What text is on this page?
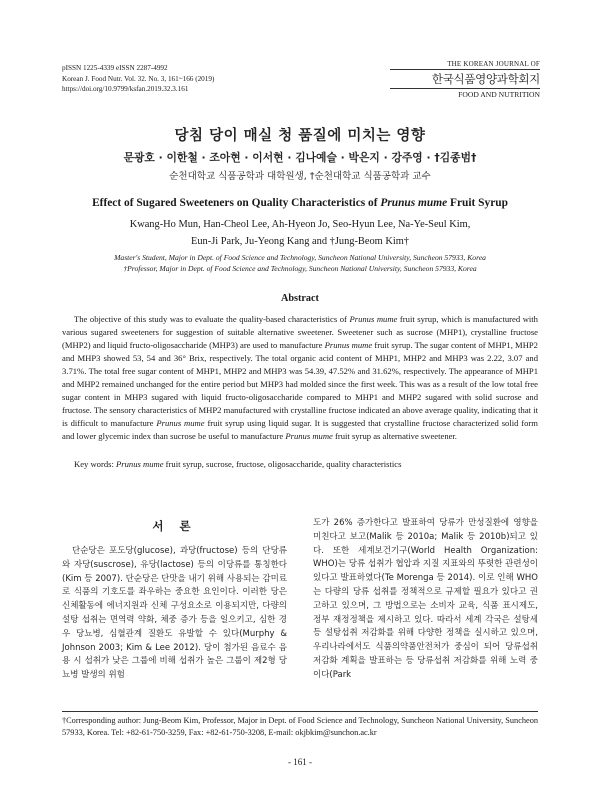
pISSN 1225-4339 eISSN 2287-4992
Korean J. Food Nutr. Vol. 32. No. 3, 161~166 (2019)
https://doi.org/10.9799/ksfan.2019.32.3.161
THE KOREAN JOURNAL OF
한국식품영양과학회지
FOOD AND NUTRITION
당침 당이 매실 청 품질에 미치는 영향
문광호 · 이한철 · 조아현 · 이서현 · 김나예슬 · 박은지 · 강주영 · †김종범†
순천대학교 식품공학과 대학원생, †순천대학교 식품공학과 교수
Effect of Sugared Sweeteners on Quality Characteristics of Prunus mume Fruit Syrup
Kwang-Ho Mun, Han-Cheol Lee, Ah-Hyeon Jo, Seo-Hyun Lee, Na-Ye-Seul Kim,
Eun-Ji Park, Ju-Yeong Kang and †Jung-Beom Kim†
Master's Student, Major in Dept. of Food Science and Technology, Suncheon National University, Suncheon 57933, Korea
†Professor, Major in Dept. of Food Science and Technology, Suncheon National University, Suncheon 57933, Korea
Abstract
The objective of this study was to evaluate the quality-based characteristics of Prunus mume fruit syrup, which is manufactured with various sugared sweeteners for suggestion of suitable alternative sweetener. Sweetener such as sucrose (MHP1), crystalline fructose (MHP2) and liquid fructo-oligosaccharide (MHP3) are used to manufacture Prunus mume fruit syrup. The sugar content of MHP1, MHP2 and MHP3 showed 53, 54 and 36° Brix, respectively. The total organic acid content of MHP1, MHP2 and MHP3 was 2.22, 3.07 and 3.71%. The total free sugar content of MHP1, MHP2 and MHP3 was 54.39, 47.52% and 31.62%, respectively. The appearance of MHP1 and MHP2 remained unchanged for the entire period but MHP3 had molded since the first week. This was as a result of the low total free sugar content in MHP3 sugared with liquid fructo-oligosaccharide compared to MHP1 and MHP2 sugared with solid sucrose and fructose. The sensory characteristics of MHP2 manufactured with crystalline fructose indicated an above average quality, indicating that it is difficult to manufacture Prunus mume fruit syrup using liquid sugar. It is suggested that crystalline fructose characterized solid form and lower glycemic index than sucrose be useful to manufacture Prunus mume fruit syrup as alternative sweetener.
Key words: Prunus mume fruit syrup, sucrose, fructose, oligosaccharide, quality characteristics
서 론
단순당은 포도당(glucose), 과당(fructose) 등의 단당류와 자당(suscrose), 유당(lactose) 등의 이당류를 통칭한다(Kim 등 2007). 단순당은 단맛을 내기 위해 사용되는 감미료로 식품의 기호도를 좌우하는 중요한 요인이다. 이러한 당은 신체활동에 에너지원과 신체 구성요소로 이용되지만, 다량의 설탕 섭취는 면역력 약화, 체중 증가 등을 일으키고, 심한 경우 당뇨병, 심혈관계 질환도 유발할 수 있다(Murphy & Johnson 2003; Kim & Lee 2012). 당이 첨가된 음료수 음용 시 섭취가 낮은 그룹에 비해 섭취가 높은 그룹이 제2형 당뇨병 발생의 위험
도가 26% 증가한다고 발표하여 당류가 만성질환에 영향을 미친다고 보고(Malik 등 2010a; Malik 등 2010b)되고 있다. 또한 세계보건기구(World Health Organization: WHO)는 당류 섭취가 협압과 지질 지표와의 뚜렷한 관련성이 있다고 발표하였다(Te Morenga 등 2014). 이로 인해 WHO는 다량의 당류 섭취를 정책적으로 규제할 필요가 있다고 권고하고 있으며, 그 방법으로는 소비자 교육, 식품 표시제도, 정부 재정정책을 제시하고 있다. 따라서 세계 각국은 설탕세 등 설탕섭취 저감화를 위해 다양한 정책을 실시하고 있으며, 우리나라에서도 식품의약품안전처가 중심이 되어 당류섭취 저감화 계획을 발표하는 등 당류섭취 저감화를 위해 노력 중이다(Park
†Corresponding author: Jung-Beom Kim, Professor, Major in Dept. of Food Science and Technology, Suncheon National University, Suncheon 57933, Korea. Tel: +82-61-750-3259, Fax: +82-61-750-3208, E-mail: okjbkim@sunchon.ac.kr
- 161 -
